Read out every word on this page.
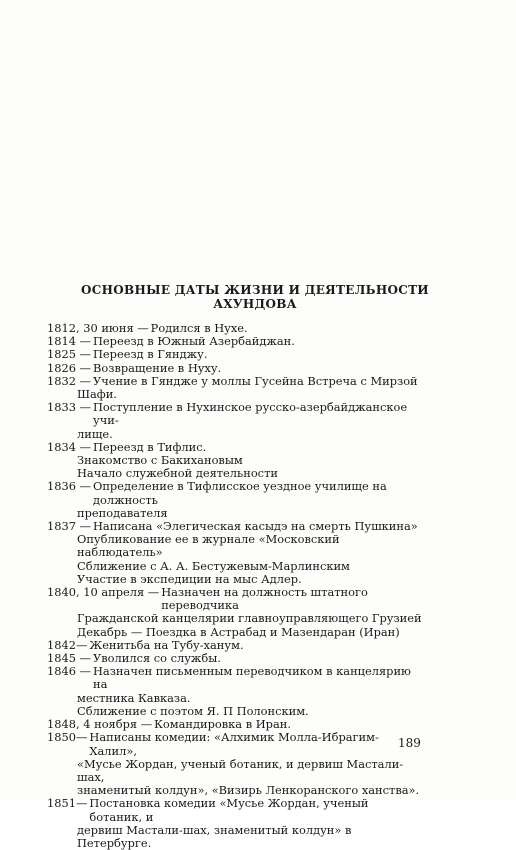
ОСНОВНЫЕ ДАТЫ ЖИЗНИ И ДЕЯТЕЛЬНОСТИ
АХУНДОВА
1812, 30 июня — Родился в Нухе.
1814 — Переезд в Южный Азербайджан.
1825 — Переезд в Гянджу.
1826 — Возвращение в Нуху.
1832 — Учение в Гяндже у моллы Гусейна Встреча с Мирзой
Шафи.
1833 — Поступление в Нухинское русско-азербайджанское учи-
лище.
1834 — Переезд в Тифлис.
Знакомство с Бакихановым
Начало служебной деятельности
1836 — Определение в Тифлисское уездное училище на должность
преподавателя
1837 — Написана «Элегическая касыдэ на смерть Пушкина»
Опубликование ее в журнале «Московский наблюдатель»
Сближение с А. А. Бестужевым-Марлинским
Участие в экспедиции на мыс Адлер.
1840, 10 апреля — Назначен на должность штатного переводчика
Гражданской канцелярии главноуправляющего Грузией
Декабрь — Поездка в Астрабад и Мазендаран (Иран)
1842— Женитьба на Тубу-ханум.
1845 — Уволился со службы.
1846 — Назначен письменным переводчиком в канцелярию на
местника Кавказа.
Сближение с поэтом Я. П Полонским.
1848, 4 ноября — Командировка в Иран.
1850— Написаны комедии: «Алхимик Молла-Ибрагим-Халил»,
«Мусье Жордан, ученый ботаник, и дервиш Мастали-шах,
знаменитый колдун», «Визирь Ленкоранского ханства».
1851— Постановка комедии «Мусье Жордан, ученый ботаник, и
дервиш Мастали-шах, знаменитый колдун» в Петербурге.
189
